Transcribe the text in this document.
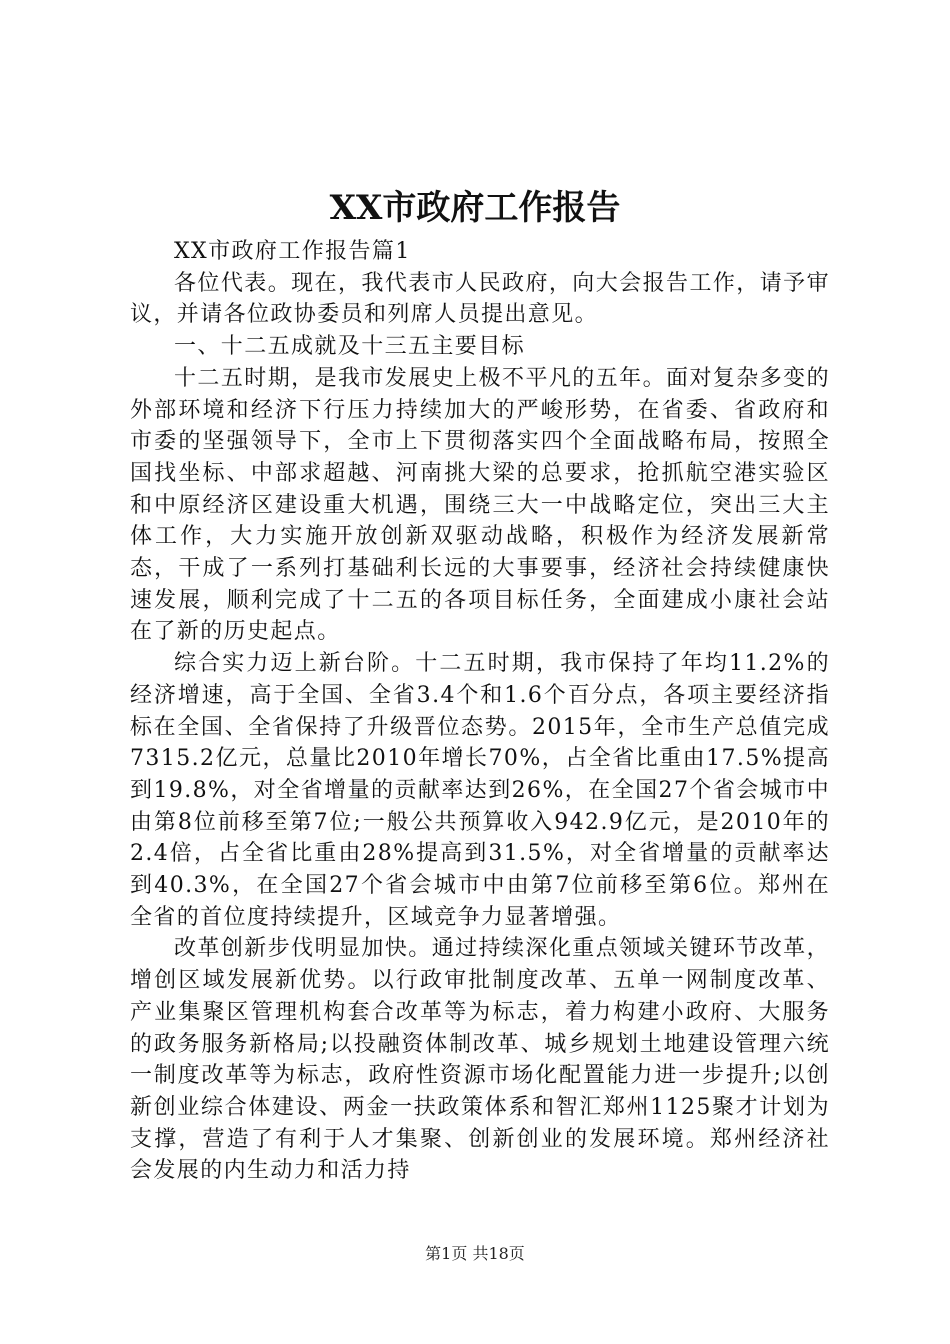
XX市政府工作报告

XX市政府工作报告篇1

各位代表。现在，我代表市人民政府，向大会报告工作，请予审议，并请各位政协委员和列席人员提出意见。

一、十二五成就及十三五主要目标

十二五时期，是我市发展史上极不平凡的五年。面对复杂多变的外部环境和经济下行压力持续加大的严峻形势，在省委、省政府和市委的坚强领导下，全市上下贯彻落实四个全面战略布局，按照全国找坐标、中部求超越、河南挑大梁的总要求，抢抓航空港实验区和中原经济区建设重大机遇，围绕三大一中战略定位，突出三大主体工作，大力实施开放创新双驱动战略，积极作为经济发展新常态，干成了一系列打基础利长远的大事要事，经济社会持续健康快速发展，顺利完成了十二五的各项目标任务，全面建成小康社会站在了新的历史起点。

综合实力迈上新台阶。十二五时期，我市保持了年均11.2%的经济增速，高于全国、全省3.4个和1.6个百分点，各项主要经济指标在全国、全省保持了升级晋位态势。2015年，全市生产总值完成7315.2亿元，总量比2010年增长70%，占全省比重由17.5%提高到19.8%，对全省增量的贡献率达到26%，在全国27个省会城市中由第8位前移至第7位;一般公共预算收入942.9亿元，是2010年的2.4倍，占全省比重由28%提高到31.5%，对全省增量的贡献率达到40.3%，在全国27个省会城市中由第7位前移至第6位。郑州在全省的首位度持续提升，区域竞争力显著增强。

改革创新步伐明显加快。通过持续深化重点领域关键环节改革，增创区域发展新优势。以行政审批制度改革、五单一网制度改革、产业集聚区管理机构套合改革等为标志，着力构建小政府、大服务的政务服务新格局;以投融资体制改革、城乡规划土地建设管理六统一制度改革等为标志，政府性资源市场化配置能力进一步提升;以创新创业综合体建设、两金一扶政策体系和智汇郑州1125聚才计划为支撑，营造了有利于人才集聚、创新创业的发展环境。郑州经济社会发展的内生动力和活力持

第1页 共18页
